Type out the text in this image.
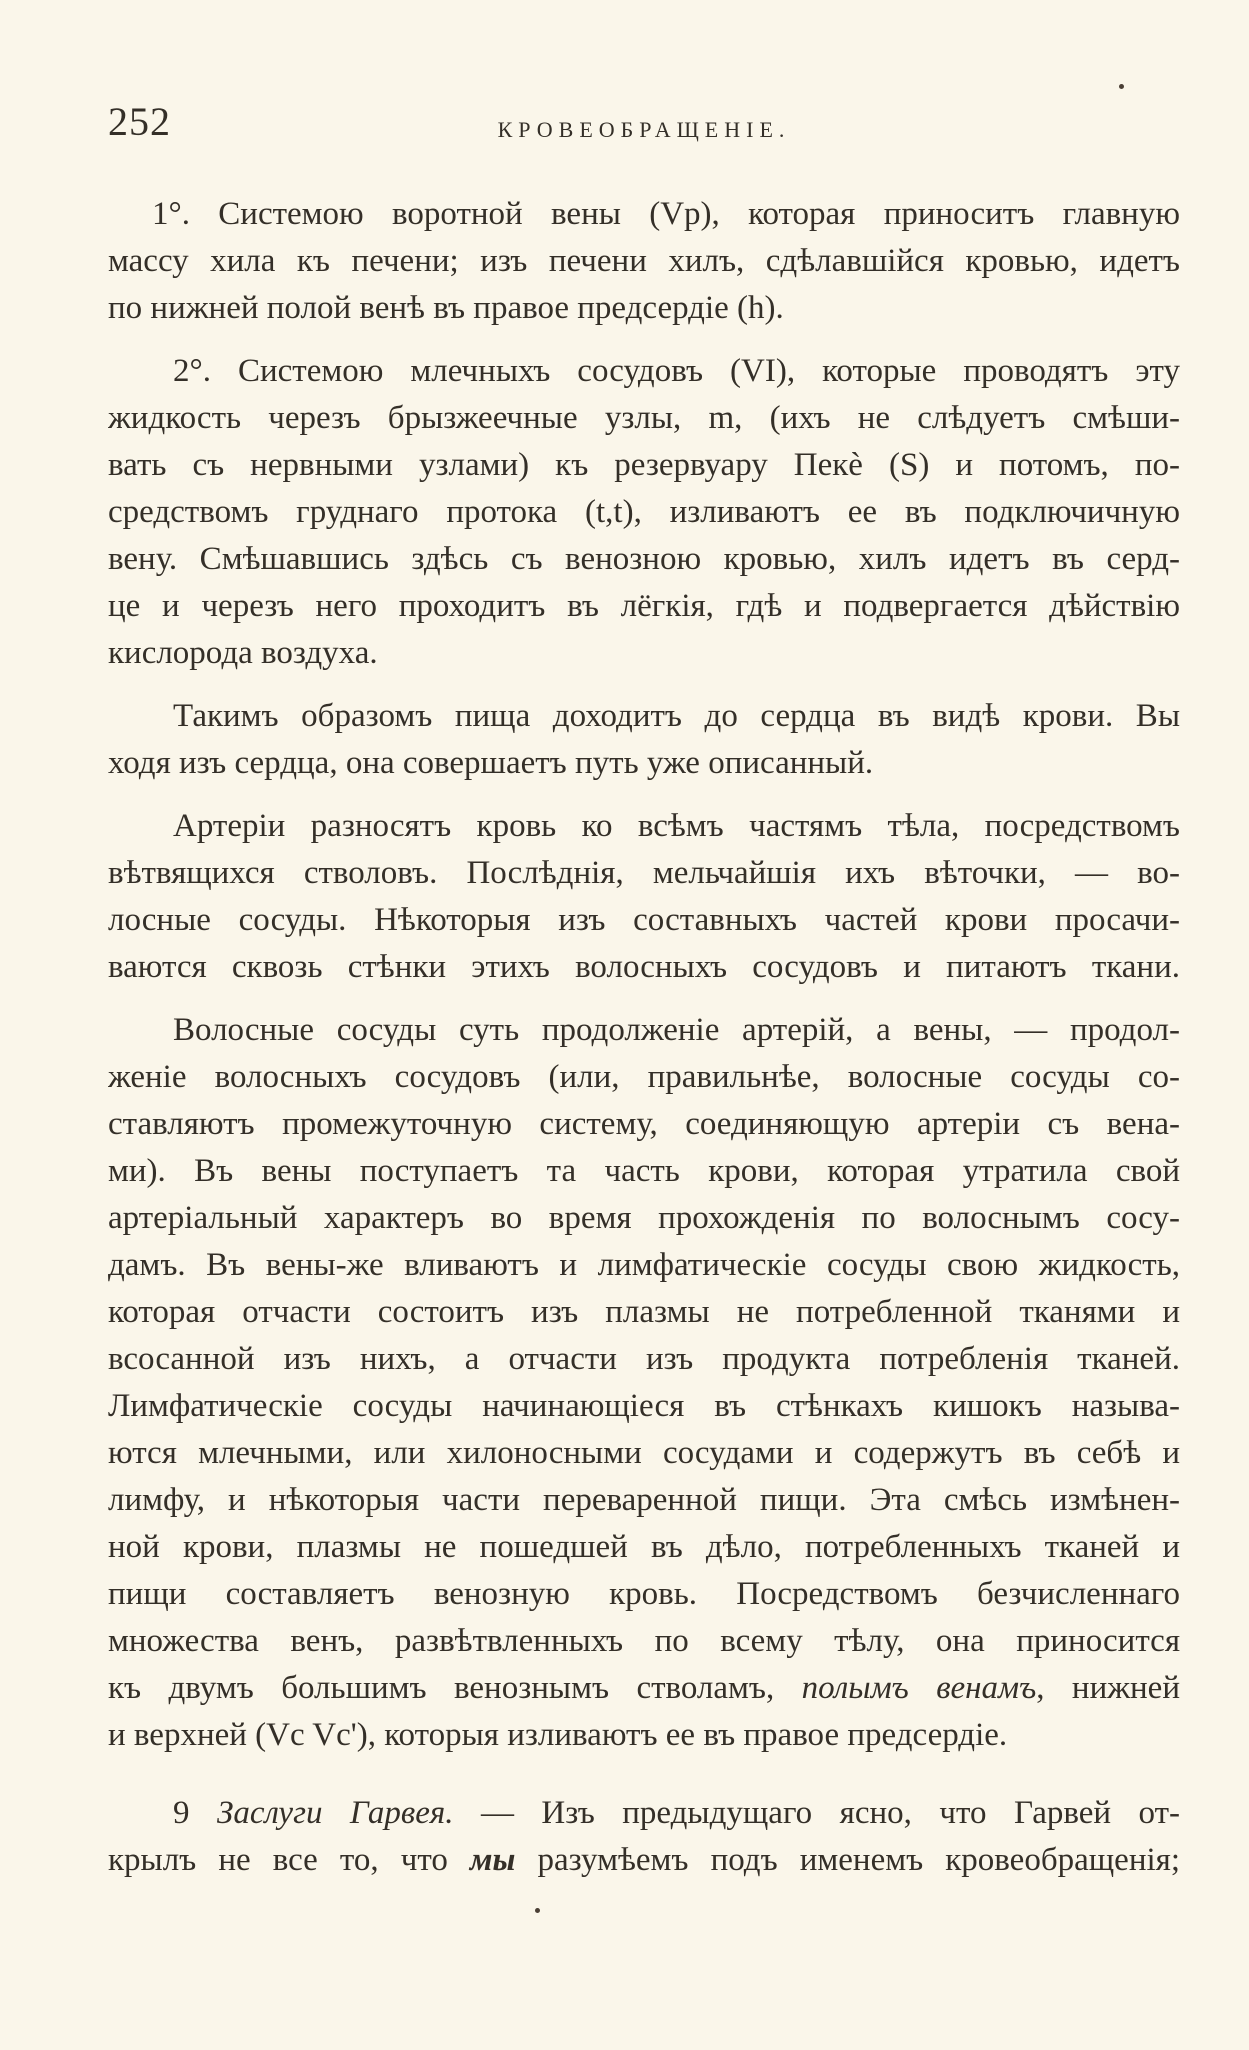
252	КРОВЕОБРАЩЕНІЕ.
1°. Системою воротной вены (Vp), которая приноситъ главную
массу хила къ печени; изъ печени хилъ, сдѣлавшійся кровью, идетъ
по нижней полой венѣ въ правое предсердіе (h).
2°. Системою млечныхъ сосудовъ (VI), которые проводятъ эту
жидкость черезъ брызжеечные узлы, m, (ихъ не слѣдуетъ смѣши-
вать съ нервными узлами) къ резервуару Пекѐ (S) и потомъ, по-
средствомъ груднаго протока (t,t), изливаютъ ее въ подключичную
вену. Смѣшавшись здѣсь съ венозною кровью, хилъ идетъ въ серд-
це и черезъ него проходитъ въ лёгкія, гдѣ и подвергается дѣйствію
кислорода воздуха.
Такимъ образомъ пища доходитъ до сердца въ видѣ крови. Вы
ходя изъ сердца, она совершаетъ путь уже описанный.
Артеріи разносятъ кровь ко всѣмъ частямъ тѣла, посредствомъ
вѣтвящихся стволовъ. Послѣднія, мельчайшія ихъ вѣточки, — во-
лосные сосуды. Нѣкоторыя изъ составныхъ частей крови просачи-
ваются сквозь стѣнки этихъ волосныхъ сосудовъ и питаютъ ткани.
Волосные сосуды суть продолженіе артерій, а вены, — продол-
женіе волосныхъ сосудовъ (или, правильнѣе, волосные сосуды со-
ставляютъ промежуточную систему, соединяющую артеріи съ вена-
ми). Въ вены поступаетъ та часть крови, которая утратила свой
артеріальный характеръ во время прохожденія по волоснымъ сосу-
дамъ. Въ вены-же вливаютъ и лимфатическіе сосуды свою жидкость,
которая отчасти состоитъ изъ плазмы не потребленной тканями и
всосанной изъ нихъ, а отчасти изъ продукта потребленія тканей.
Лимфатическіе сосуды начинающіеся въ стѣнкахъ кишокъ называ-
ются млечными, или хилоносными сосудами и содержутъ въ себѣ и
лимфу, и нѣкоторыя части переваренной пищи. Эта смѣсь измѣнен-
ной крови, плазмы не пошедшей въ дѣло, потребленныхъ тканей и
пищи составляетъ венозную кровь. Посредствомъ безчисленнаго
множества венъ, развѣтвленныхъ по всему тѣлу, она приносится
къ двумъ большимъ венознымъ стволамъ, полымъ венамъ, нижней
и верхней (Vc Vc'), которыя изливаютъ ее въ правое предсердіе.
9 Заслуги Гарвея. — Изъ предыдущаго ясно, что Гарвей от-
крылъ не все то, что мы разумѣемъ подъ именемъ кровеобращенія;
